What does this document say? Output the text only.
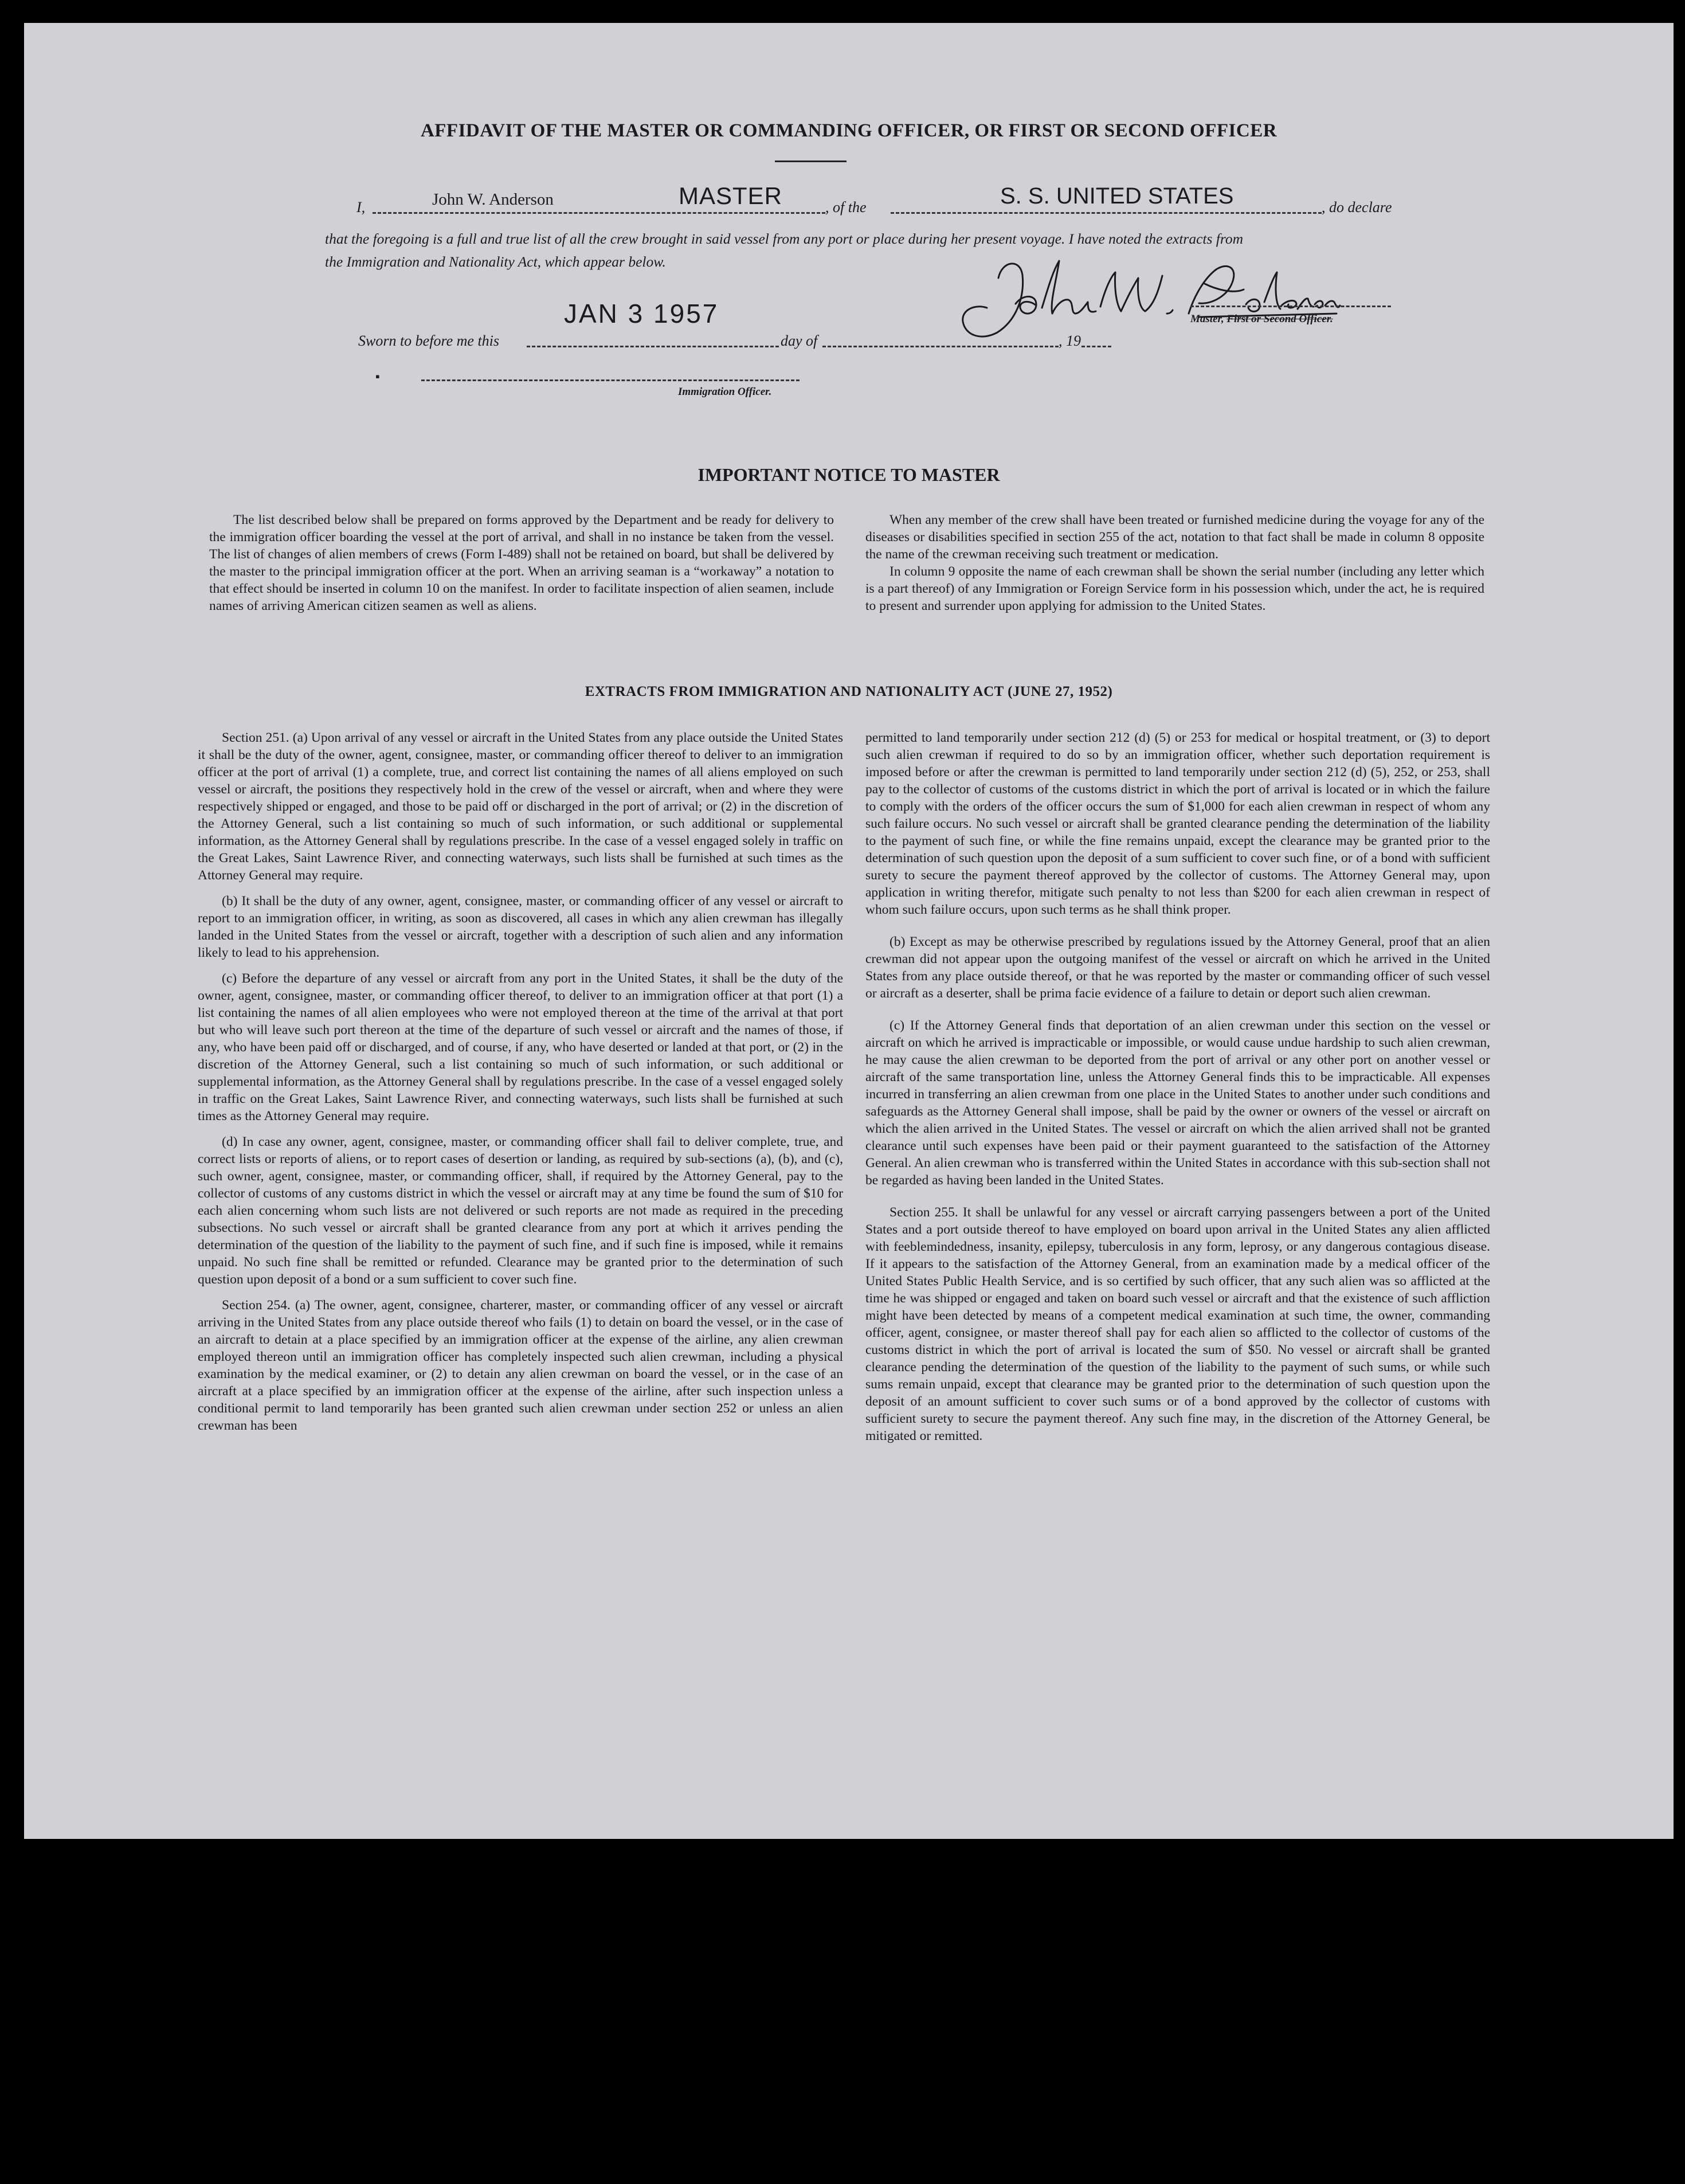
AFFIDAVIT OF THE MASTER OR COMMANDING OFFICER, OR FIRST OR SECOND OFFICER
I,	John W. Anderson	MASTER	, of the	S. S. UNITED STATES	, do declare
that the foregoing is a full and true list of all the crew brought in said vessel from any port or place during her present voyage. I have noted the extracts from
the Immigration and Nationality Act, which appear below.
JAN 3 1957
Sworn to before me this	day of	, 19
Master, First or Second Officer.
▪
Immigration Officer.
IMPORTANT NOTICE TO MASTER

The list described below shall be prepared on forms approved by the Department and be ready for delivery to the immigration officer boarding the vessel at the port of arrival, and shall in no instance be taken from the vessel. The list of changes of alien members of crews (Form I-489) shall not be retained on board, but shall be delivered by the master to the principal immigration officer at the port. When an arriving seaman is a “workaway” a notation to that effect should be inserted in column 10 on the manifest. In order to facilitate inspection of alien seamen, include names of arriving American citizen seamen as well as aliens.

When any member of the crew shall have been treated or furnished medicine during the voyage for any of the diseases or disabilities specified in section 255 of the act, notation to that fact shall be made in column 8 opposite the name of the crewman receiving such treatment or medication.

In column 9 opposite the name of each crewman shall be shown the serial number (including any letter which is a part thereof) of any Immigration or Foreign Service form in his possession which, under the act, he is required to present and surrender upon applying for admission to the United States.

EXTRACTS FROM IMMIGRATION AND NATIONALITY ACT (JUNE 27, 1952)

Section 251. (a) Upon arrival of any vessel or aircraft in the United States from any place outside the United States it shall be the duty of the owner, agent, consignee, master, or commanding officer thereof to deliver to an immigration officer at the port of arrival (1) a complete, true, and correct list containing the names of all aliens employed on such vessel or aircraft, the positions they respectively hold in the crew of the vessel or aircraft, when and where they were respectively shipped or engaged, and those to be paid off or discharged in the port of arrival; or (2) in the discretion of the Attorney General, such a list containing so much of such information, or such additional or supplemental information, as the Attorney General shall by regulations prescribe. In the case of a vessel engaged solely in traffic on the Great Lakes, Saint Lawrence River, and connecting waterways, such lists shall be furnished at such times as the Attorney General may require.

(b) It shall be the duty of any owner, agent, consignee, master, or commanding officer of any vessel or aircraft to report to an immigration officer, in writing, as soon as discovered, all cases in which any alien crewman has illegally landed in the United States from the vessel or aircraft, together with a description of such alien and any information likely to lead to his apprehension.

(c) Before the departure of any vessel or aircraft from any port in the United States, it shall be the duty of the owner, agent, consignee, master, or commanding officer thereof, to deliver to an immigration officer at that port (1) a list containing the names of all alien employees who were not employed thereon at the time of the arrival at that port but who will leave such port thereon at the time of the departure of such vessel or aircraft and the names of those, if any, who have been paid off or discharged, and of course, if any, who have deserted or landed at that port, or (2) in the discretion of the Attorney General, such a list containing so much of such information, or such additional or supplemental information, as the Attorney General shall by regulations prescribe. In the case of a vessel engaged solely in traffic on the Great Lakes, Saint Lawrence River, and connecting waterways, such lists shall be furnished at such times as the Attorney General may require.

(d) In case any owner, agent, consignee, master, or commanding officer shall fail to deliver complete, true, and correct lists or reports of aliens, or to report cases of desertion or landing, as required by sub-sections (a), (b), and (c), such owner, agent, consignee, master, or commanding officer, shall, if required by the Attorney General, pay to the collector of customs of any customs district in which the vessel or aircraft may at any time be found the sum of $10 for each alien concerning whom such lists are not delivered or such reports are not made as required in the preceding subsections. No such vessel or aircraft shall be granted clearance from any port at which it arrives pending the determination of the question of the liability to the payment of such fine, and if such fine is imposed, while it remains unpaid. No such fine shall be remitted or refunded. Clearance may be granted prior to the determination of such question upon deposit of a bond or a sum sufficient to cover such fine.

Section 254. (a) The owner, agent, consignee, charterer, master, or commanding officer of any vessel or aircraft arriving in the United States from any place outside thereof who fails (1) to detain on board the vessel, or in the case of an aircraft to detain at a place specified by an immigration officer at the expense of the airline, any alien crewman employed thereon until an immigration officer has completely inspected such alien crewman, including a physical examination by the medical examiner, or (2) to detain any alien crewman on board the vessel, or in the case of an aircraft at a place specified by an immigration officer at the expense of the airline, after such inspection unless a conditional permit to land temporarily has been granted such alien crewman under section 252 or unless an alien crewman has been

permitted to land temporarily under section 212 (d) (5) or 253 for medical or hospital treatment, or (3) to deport such alien crewman if required to do so by an immigration officer, whether such deportation requirement is imposed before or after the crewman is permitted to land temporarily under section 212 (d) (5), 252, or 253, shall pay to the collector of customs of the customs district in which the port of arrival is located or in which the failure to comply with the orders of the officer occurs the sum of $1,000 for each alien crewman in respect of whom any such failure occurs. No such vessel or aircraft shall be granted clearance pending the determination of the liability to the payment of such fine, or while the fine remains unpaid, except the clearance may be granted prior to the determination of such question upon the deposit of a sum sufficient to cover such fine, or of a bond with sufficient surety to secure the payment thereof approved by the collector of customs. The Attorney General may, upon application in writing therefor, mitigate such penalty to not less than $200 for each alien crewman in respect of whom such failure occurs, upon such terms as he shall think proper.

(b) Except as may be otherwise prescribed by regulations issued by the Attorney General, proof that an alien crewman did not appear upon the outgoing manifest of the vessel or aircraft on which he arrived in the United States from any place outside thereof, or that he was reported by the master or commanding officer of such vessel or aircraft as a deserter, shall be prima facie evidence of a failure to detain or deport such alien crewman.

(c) If the Attorney General finds that deportation of an alien crewman under this section on the vessel or aircraft on which he arrived is impracticable or impossible, or would cause undue hardship to such alien crewman, he may cause the alien crewman to be deported from the port of arrival or any other port on another vessel or aircraft of the same transportation line, unless the Attorney General finds this to be impracticable. All expenses incurred in transferring an alien crewman from one place in the United States to another under such conditions and safeguards as the Attorney General shall impose, shall be paid by the owner or owners of the vessel or aircraft on which the alien arrived in the United States. The vessel or aircraft on which the alien arrived shall not be granted clearance until such expenses have been paid or their payment guaranteed to the satisfaction of the Attorney General. An alien crewman who is transferred within the United States in accordance with this sub-section shall not be regarded as having been landed in the United States.

Section 255. It shall be unlawful for any vessel or aircraft carrying passengers between a port of the United States and a port outside thereof to have employed on board upon arrival in the United States any alien afflicted with feeblemindedness, insanity, epilepsy, tuberculosis in any form, leprosy, or any dangerous contagious disease. If it appears to the satisfaction of the Attorney General, from an examination made by a medical officer of the United States Public Health Service, and is so certified by such officer, that any such alien was so afflicted at the time he was shipped or engaged and taken on board such vessel or aircraft and that the existence of such affliction might have been detected by means of a competent medical examination at such time, the owner, commanding officer, agent, consignee, or master thereof shall pay for each alien so afflicted to the collector of customs of the customs district in which the port of arrival is located the sum of $50. No vessel or aircraft shall be granted clearance pending the determination of the question of the liability to the payment of such sums, or while such sums remain unpaid, except that clearance may be granted prior to the determination of such question upon the deposit of an amount sufficient to cover such sums or of a bond approved by the collector of customs with sufficient surety to secure the payment thereof. Any such fine may, in the discretion of the Attorney General, be mitigated or remitted.
